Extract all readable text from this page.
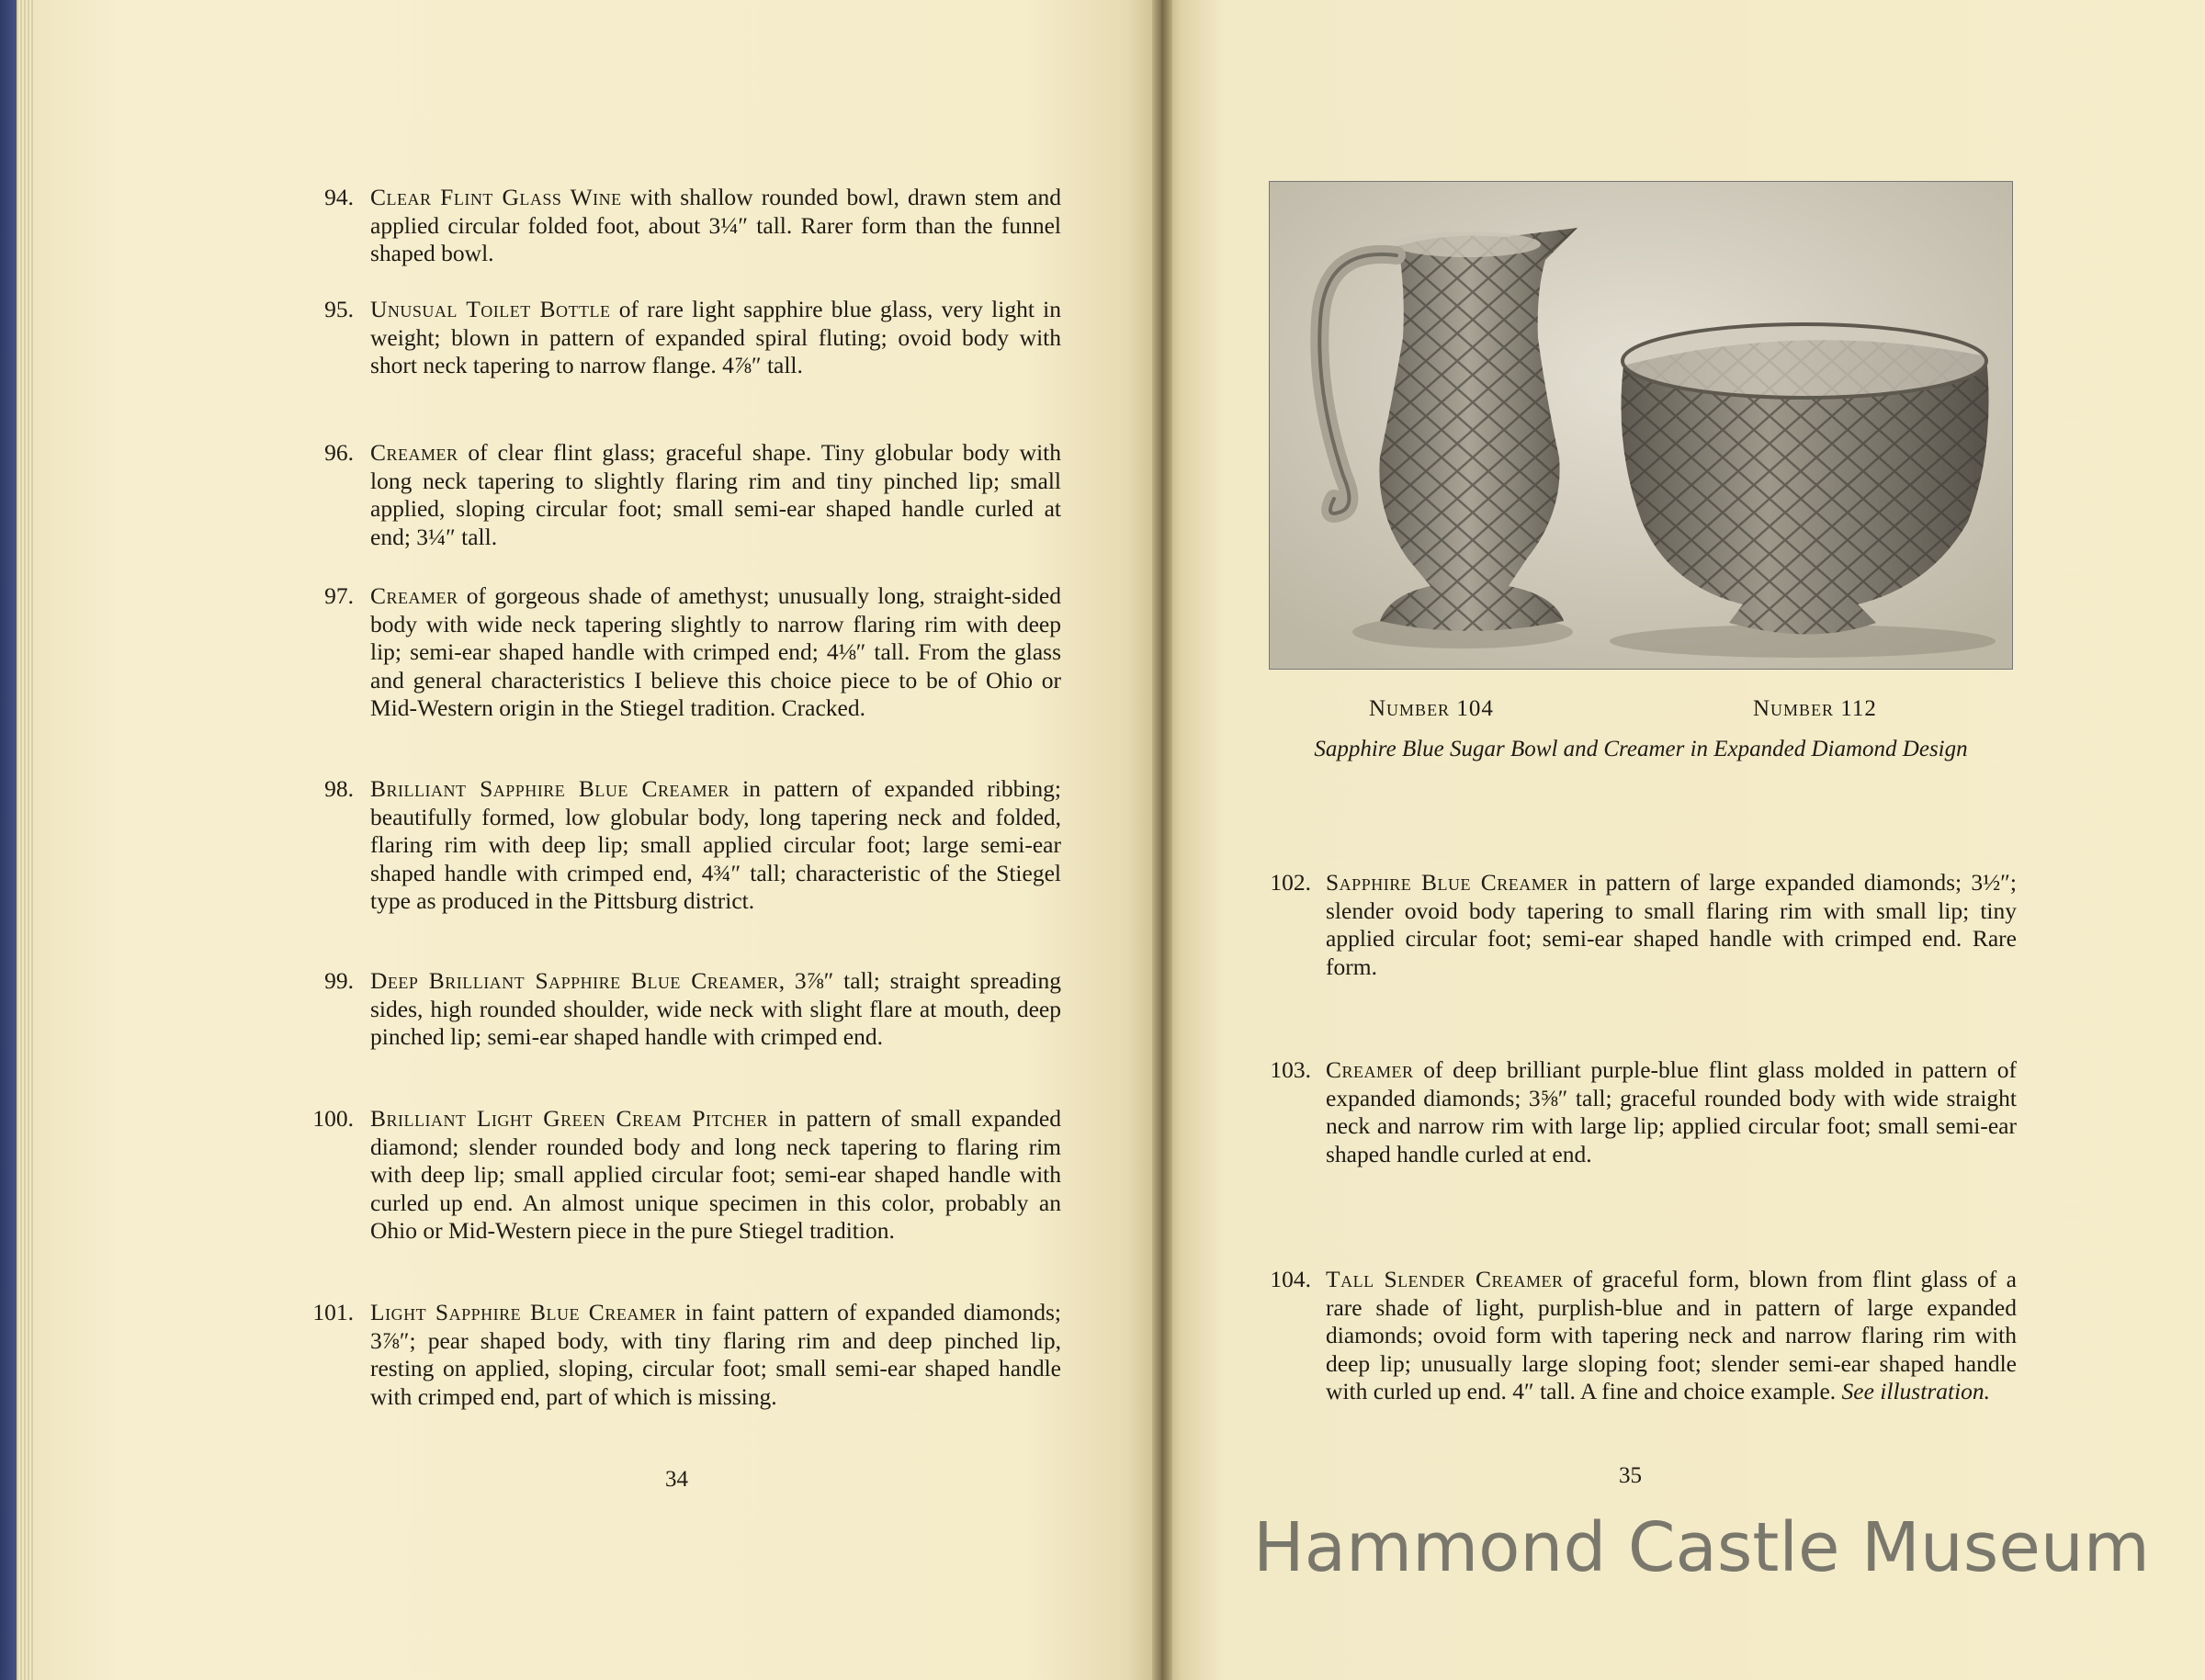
94. Clear Flint Glass Wine with shallow rounded bowl, drawn stem and applied circular folded foot, about 3¼″ tall. Rarer form than the funnel shaped bowl.
95. Unusual Toilet Bottle of rare light sapphire blue glass, very light in weight; blown in pattern of expanded spiral fluting; ovoid body with short neck tapering to narrow flange. 4⅞″ tall.
96. Creamer of clear flint glass; graceful shape. Tiny globular body with long neck tapering to slightly flaring rim and tiny pinched lip; small applied, sloping circular foot; small semi-ear shaped handle curled at end; 3¼″ tall.
97. Creamer of gorgeous shade of amethyst; unusually long, straight-sided body with wide neck tapering slightly to narrow flaring rim with deep lip; semi-ear shaped handle with crimped end; 4⅛″ tall. From the glass and general characteristics I believe this choice piece to be of Ohio or Mid-Western origin in the Stiegel tradition. Cracked.
98. Brilliant Sapphire Blue Creamer in pattern of expanded ribbing; beautifully formed, low globular body, long tapering neck and folded, flaring rim with deep lip; small applied circular foot; large semi-ear shaped handle with crimped end, 4¾″ tall; characteristic of the Stiegel type as produced in the Pittsburg district.
99. Deep Brilliant Sapphire Blue Creamer, 3⅞″ tall; straight spreading sides, high rounded shoulder, wide neck with slight flare at mouth, deep pinched lip; semi-ear shaped handle with crimped end.
100. Brilliant Light Green Cream Pitcher in pattern of small expanded diamond; slender rounded body and long neck tapering to flaring rim with deep lip; small applied circular foot; semi-ear shaped handle with curled up end. An almost unique specimen in this color, probably an Ohio or Mid-Western piece in the pure Stiegel tradition.
101. Light Sapphire Blue Creamer in faint pattern of expanded diamonds; 3⅞″; pear shaped body, with tiny flaring rim and deep pinched lip, resting on applied, sloping, circular foot; small semi-ear shaped handle with crimped end, part of which is missing.
34
Number 104	Number 112
Sapphire Blue Sugar Bowl and Creamer in Expanded Diamond Design
102. Sapphire Blue Creamer in pattern of large expanded diamonds; 3½″; slender ovoid body tapering to small flaring rim with small lip; tiny applied circular foot; semi-ear shaped handle with crimped end. Rare form.
103. Creamer of deep brilliant purple-blue flint glass molded in pattern of expanded diamonds; 3⅝″ tall; graceful rounded body with wide straight neck and narrow rim with large lip; applied circular foot; small semi-ear shaped handle curled at end.
104. Tall Slender Creamer of graceful form, blown from flint glass of a rare shade of light, purplish-blue and in pattern of large expanded diamonds; ovoid form with tapering neck and narrow flaring rim with deep lip; unusually large sloping foot; slender semi-ear shaped handle with curled up end. 4″ tall. A fine and choice example. See illustration.
35
Hammond Castle Museum
